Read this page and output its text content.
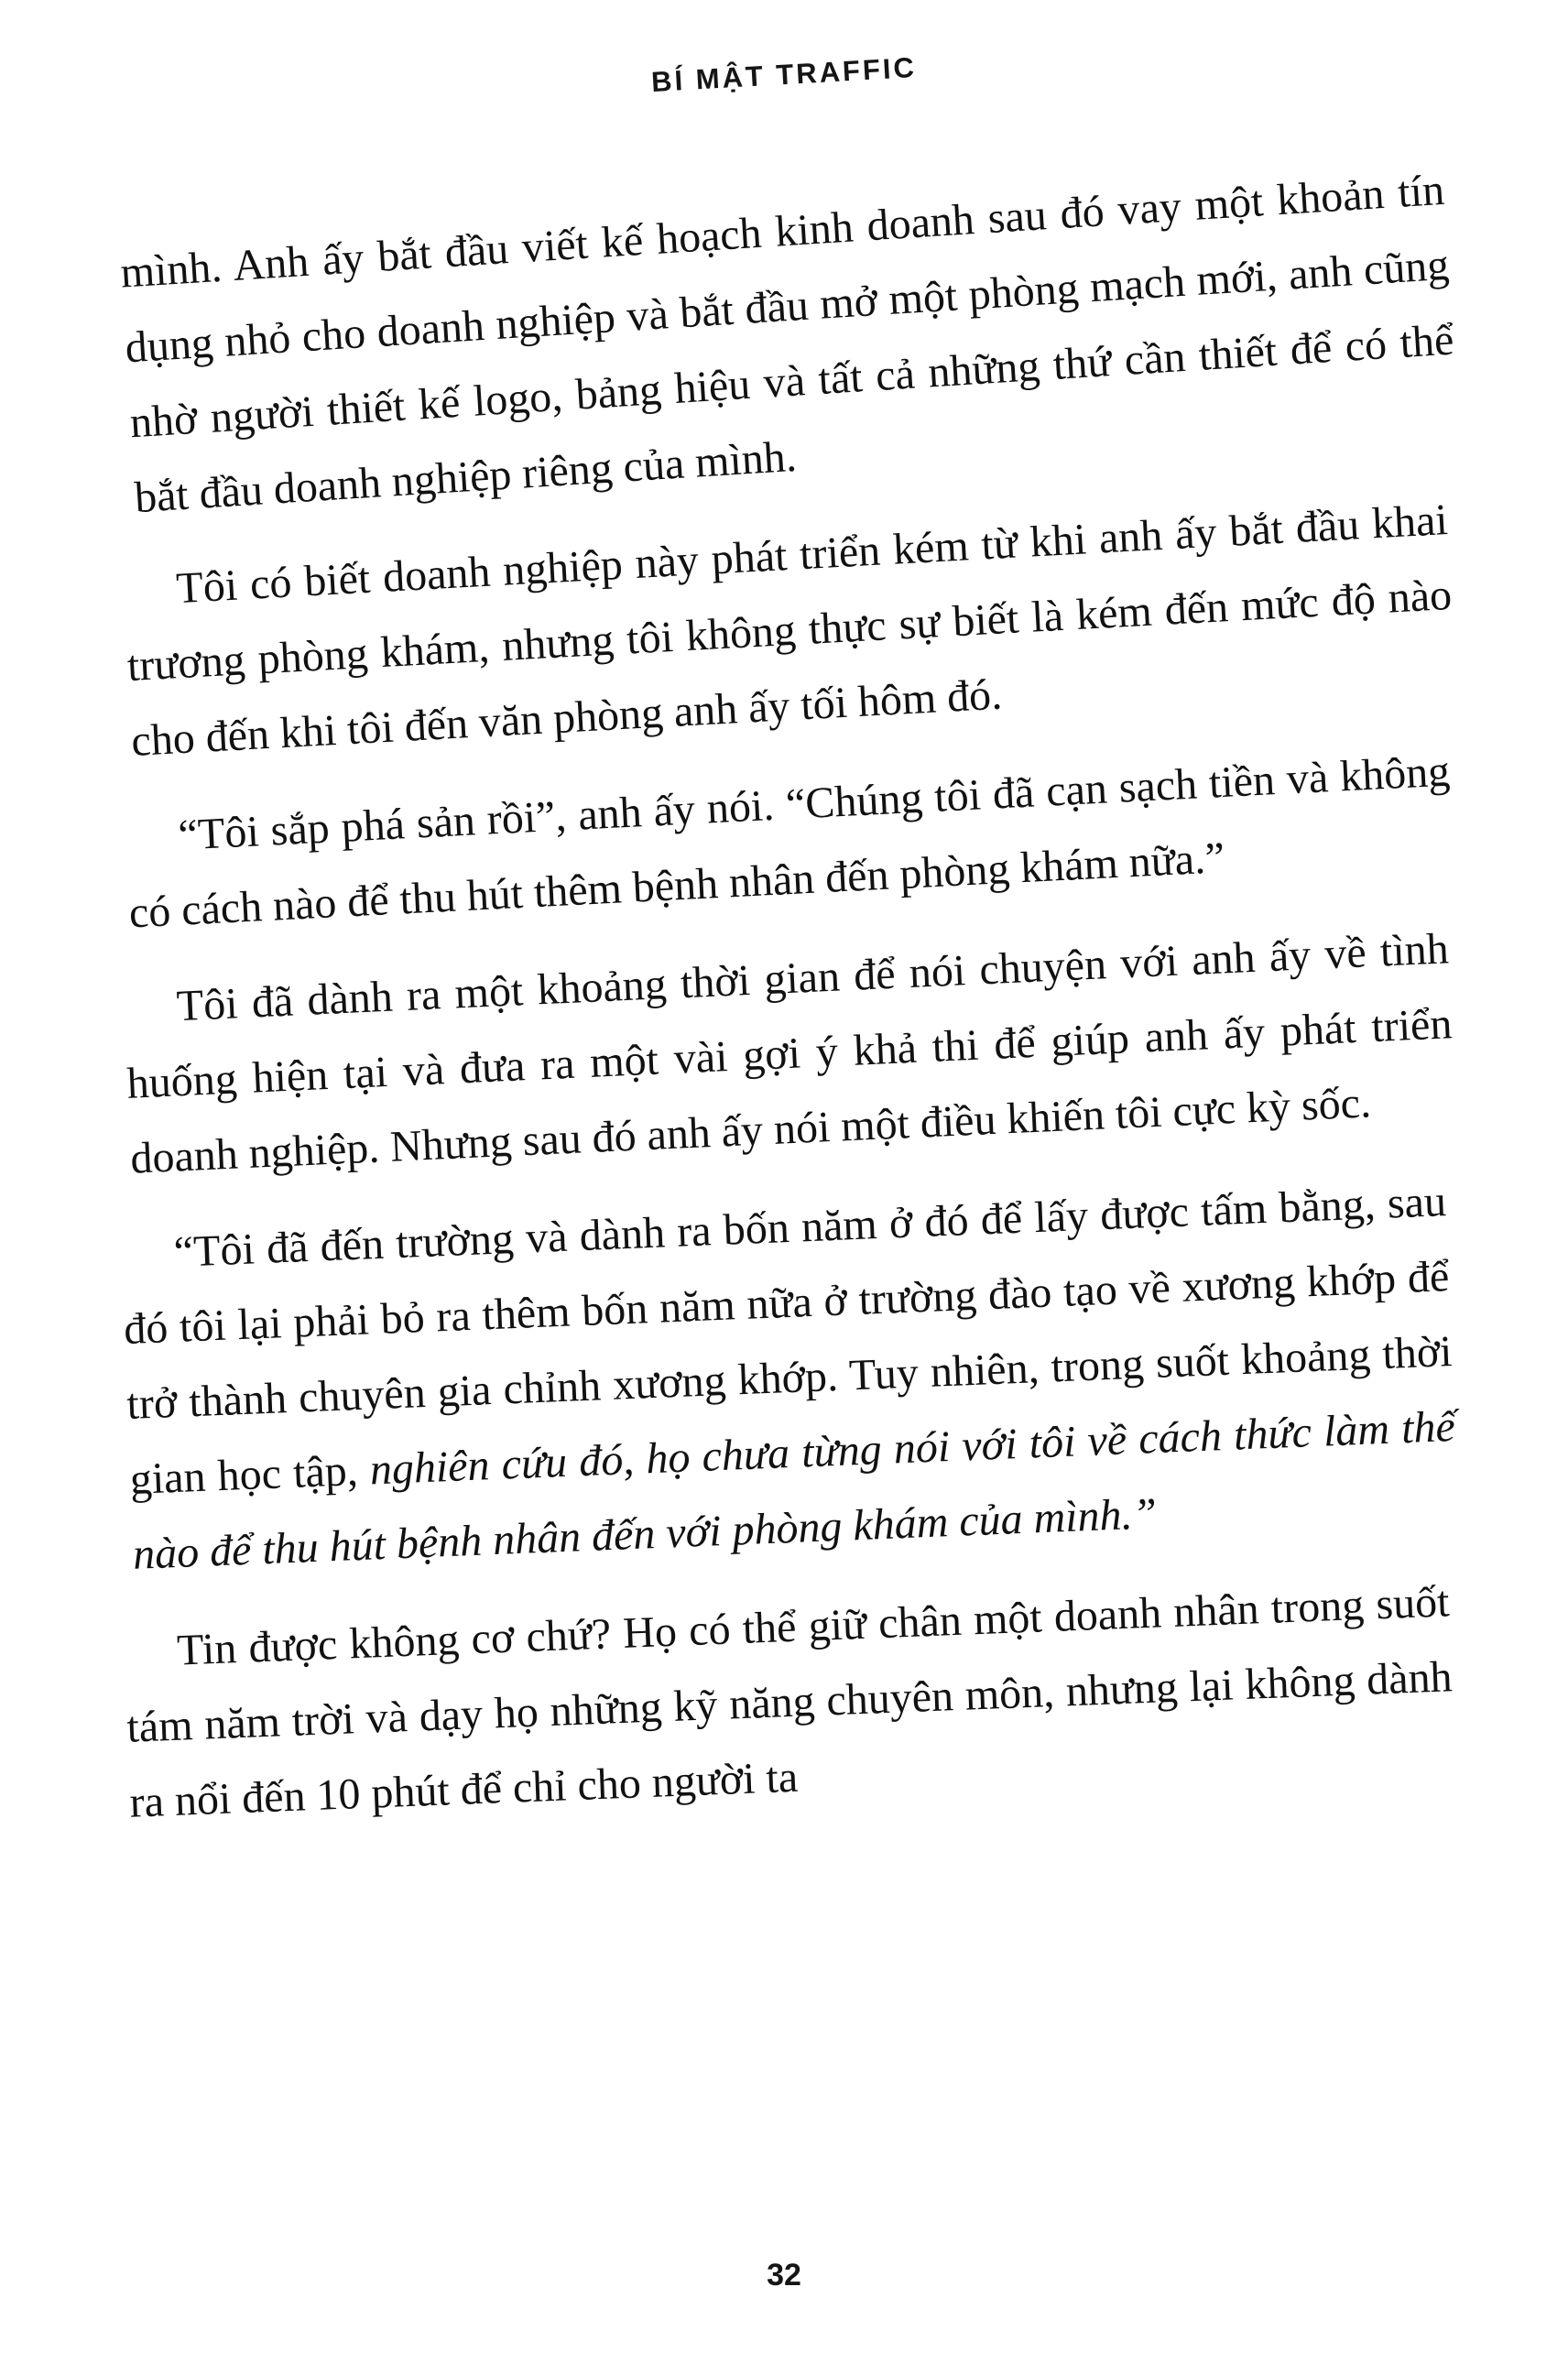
BÍ MẬT TRAFFIC

mình. Anh ấy bắt đầu viết kế hoạch kinh doanh sau đó vay một khoản tín dụng nhỏ cho doanh nghiệp và bắt đầu mở một phòng mạch mới, anh cũng nhờ người thiết kế logo, bảng hiệu và tất cả những thứ cần thiết để có thể bắt đầu doanh nghiệp riêng của mình.

Tôi có biết doanh nghiệp này phát triển kém từ khi anh ấy bắt đầu khai trương phòng khám, nhưng tôi không thực sự biết là kém đến mức độ nào cho đến khi tôi đến văn phòng anh ấy tối hôm đó.

“Tôi sắp phá sản rồi”, anh ấy nói. “Chúng tôi đã cạn sạch tiền và không có cách nào để thu hút thêm bệnh nhân đến phòng khám nữa.”

Tôi đã dành ra một khoảng thời gian để nói chuyện với anh ấy về tình huống hiện tại và đưa ra một vài gợi ý khả thi để giúp anh ấy phát triển doanh nghiệp. Nhưng sau đó anh ấy nói một điều khiến tôi cực kỳ sốc.

“Tôi đã đến trường và dành ra bốn năm ở đó để lấy được tấm bằng, sau đó tôi lại phải bỏ ra thêm bốn năm nữa ở trường đào tạo về xương khớp để trở thành chuyên gia chỉnh xương khớp. Tuy nhiên, trong suốt khoảng thời gian học tập, nghiên cứu đó, họ chưa từng nói với tôi về cách thức làm thế nào để thu hút bệnh nhân đến với phòng khám của mình.”

Tin được không cơ chứ? Họ có thể giữ chân một doanh nhân trong suốt tám năm trời và dạy họ những kỹ năng chuyên môn, nhưng lại không dành ra nổi đến 10 phút để chỉ cho người ta

32
